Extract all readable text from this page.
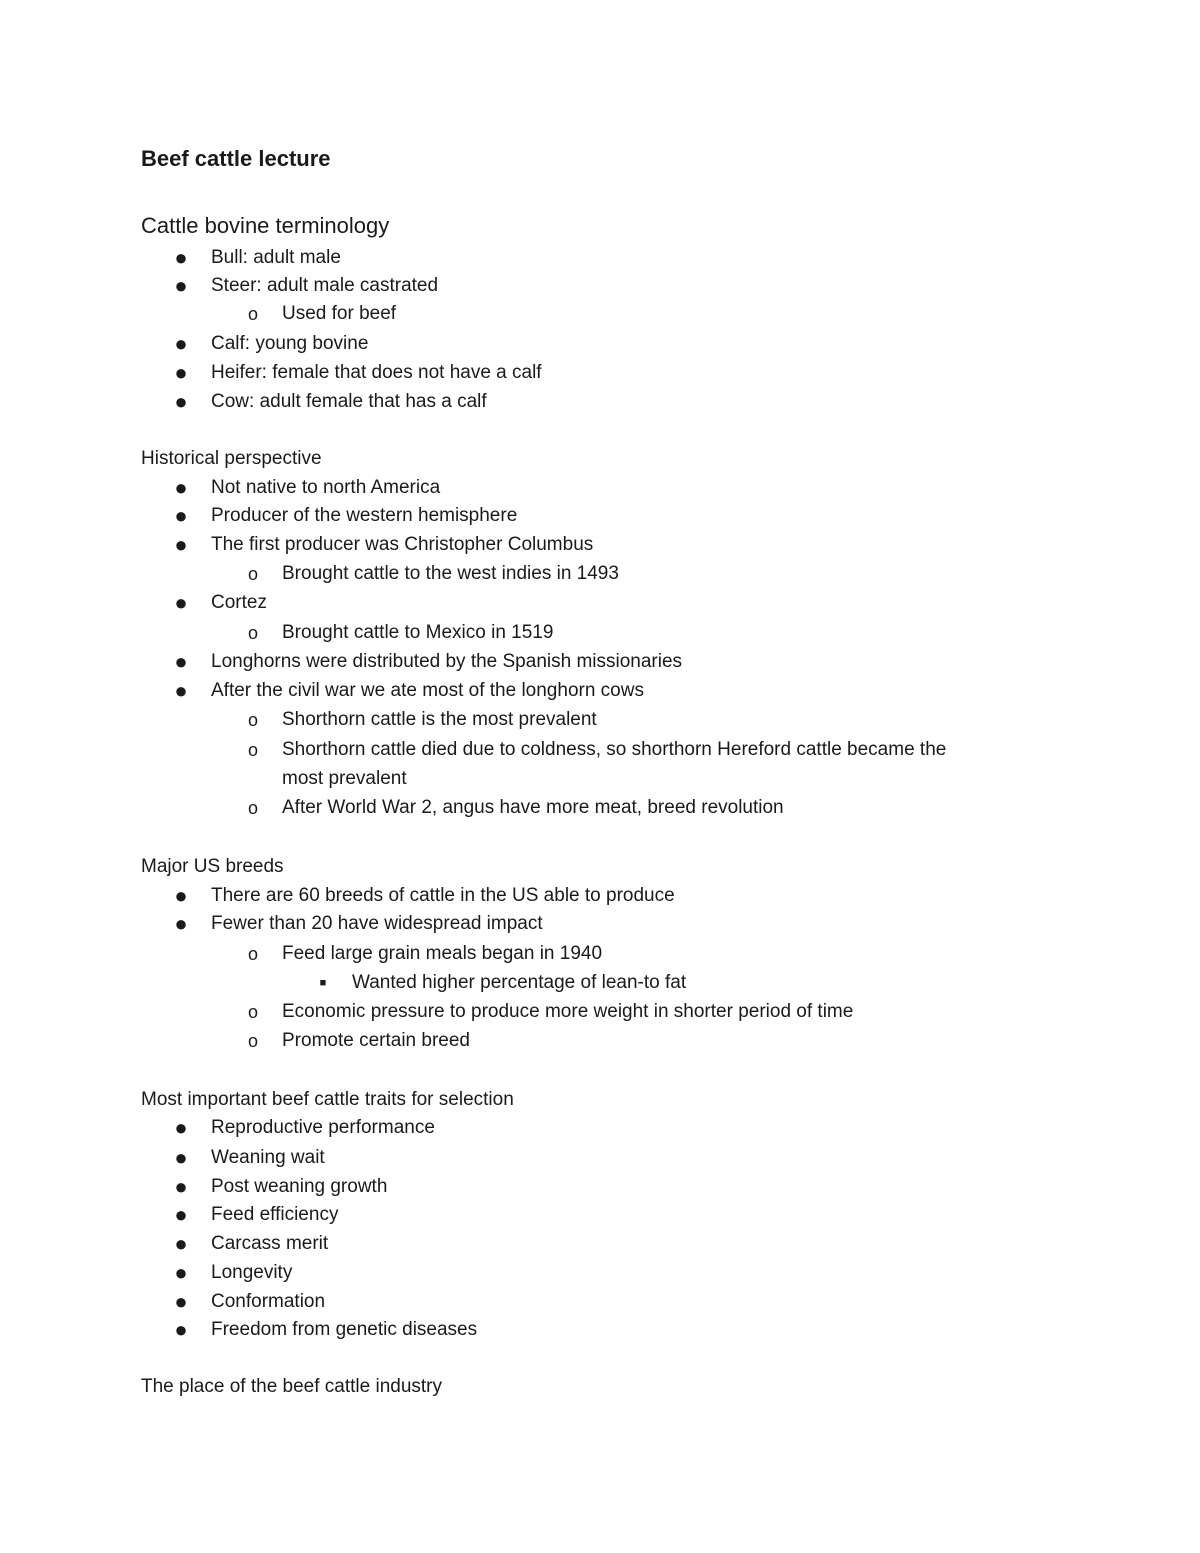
Beef cattle lecture
Cattle bovine terminology
● Bull: adult male
● Steer: adult male castrated
o Used for beef
● Calf: young bovine
● Heifer: female that does not have a calf
● Cow: adult female that has a calf
Historical perspective
● Not native to north America
● Producer of the western hemisphere
● The first producer was Christopher Columbus
o Brought cattle to the west indies in 1493
● Cortez
o Brought cattle to Mexico in 1519
● Longhorns were distributed by the Spanish missionaries
● After the civil war we ate most of the longhorn cows
o Shorthorn cattle is the most prevalent
o Shorthorn cattle died due to coldness, so shorthorn Hereford cattle became the
most prevalent
o After World War 2, angus have more meat, breed revolution
Major US breeds
● There are 60 breeds of cattle in the US able to produce
● Fewer than 20 have widespread impact
o Feed large grain meals began in 1940
■	Wanted higher percentage of lean-to fat
o Economic pressure to produce more weight in shorter period of time
o Promote certain breed
Most important beef cattle traits for selection
● Reproductive performance
● Weaning wait
● Post weaning growth
● Feed efficiency
● Carcass merit
● Longevity
● Conformation
● Freedom from genetic diseases
The place of the beef cattle industry
